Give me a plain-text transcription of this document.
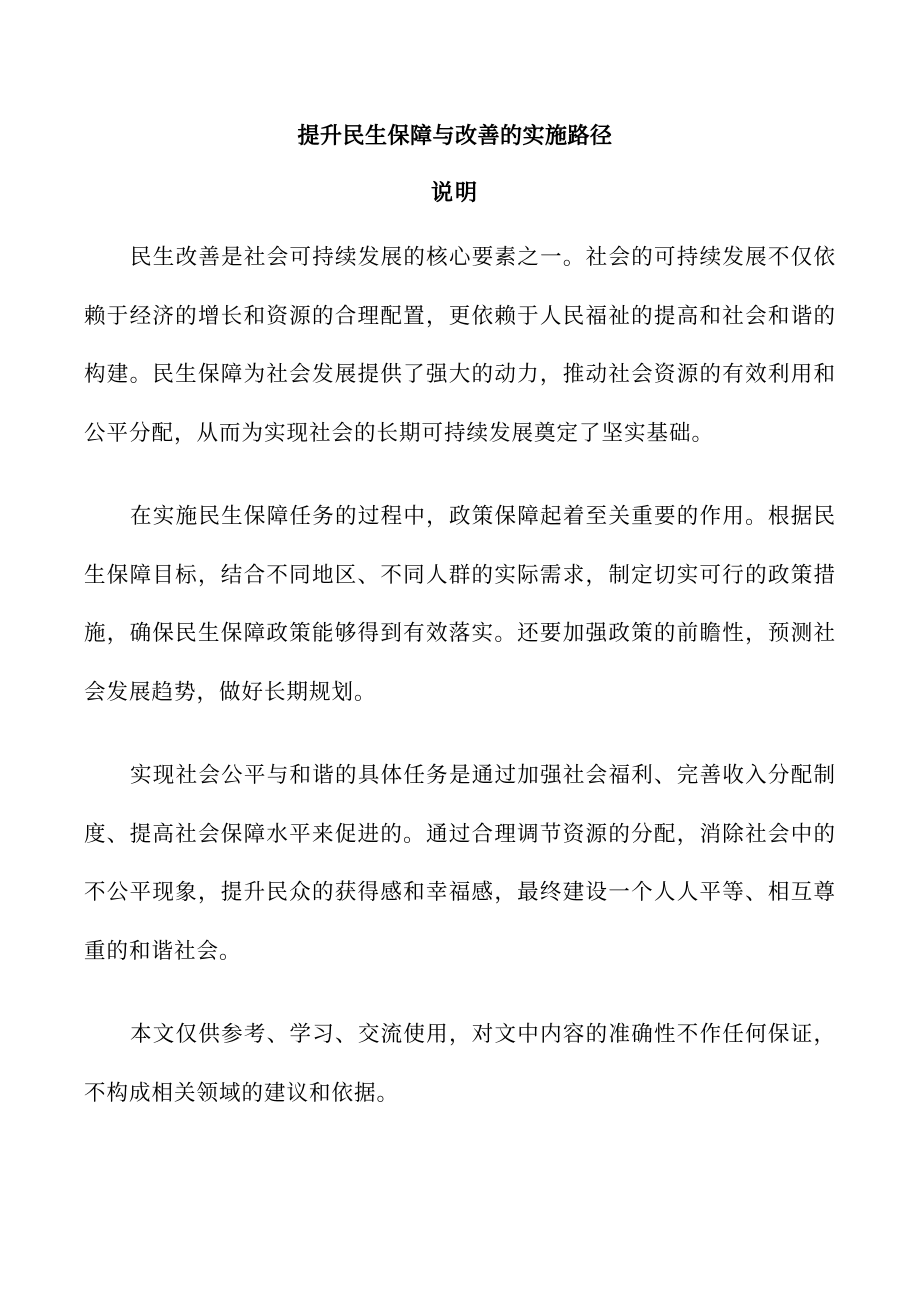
提升民生保障与改善的实施路径
说明

民生改善是社会可持续发展的核心要素之一。社会的可持续发展不仅依赖于经济的增长和资源的合理配置，更依赖于人民福祉的提高和社会和谐的构建。民生保障为社会发展提供了强大的动力，推动社会资源的有效利用和公平分配，从而为实现社会的长期可持续发展奠定了坚实基础。

在实施民生保障任务的过程中，政策保障起着至关重要的作用。根据民生保障目标，结合不同地区、不同人群的实际需求，制定切实可行的政策措施，确保民生保障政策能够得到有效落实。还要加强政策的前瞻性，预测社会发展趋势，做好长期规划。

实现社会公平与和谐的具体任务是通过加强社会福利、完善收入分配制度、提高社会保障水平来促进的。通过合理调节资源的分配，消除社会中的不公平现象，提升民众的获得感和幸福感，最终建设一个人人平等、相互尊重的和谐社会。

本文仅供参考、学习、交流使用，对文中内容的准确性不作任何保证，不构成相关领域的建议和依据。
